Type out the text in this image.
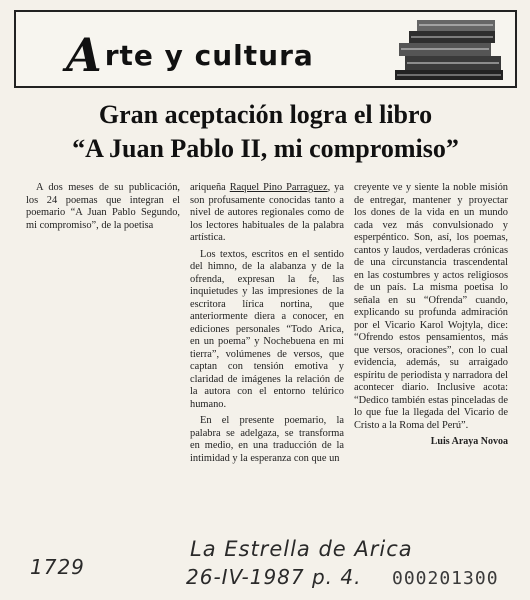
Arte y cultura
Gran aceptación logra el libro
“A Juan Pablo II, mi compromiso”

A dos meses de su publicación, los 24 poemas que integran el poemario “A Juan Pablo Segundo, mi compromiso”, de la poetisa

ariqueña Raquel Pino Parraguez, ya son profusamente conocidas tanto a nivel de autores regionales como de los lectores habituales de la palabra artística.

Los textos, escritos en el sentido del himno, de la alabanza y de la ofrenda, expresan la fe, las inquietudes y las impresiones de la escritora lírica nortina, que anteriormente diera a conocer, en ediciones personales “Todo Arica, en un poema” y Nochebuena en mi tierra”, volúmenes de versos, que captan con tensión emotiva y claridad de imágenes la relación de la autora con el entorno telúrico humano.

En el presente poemario, la palabra se adelgaza, se transforma en medio, en una traducción de la intimidad y la esperanza con que un

creyente ve y siente la noble misión de entregar, mantener y proyectar los dones de la vida en un mundo cada vez más convulsionado y esperpéntico. Son, así, los poemas, cantos y laudos, verdaderas crónicas de una circunstancia trascendental en las costumbres y actos religiosos de un país. La misma poetisa lo señala en su “Ofrenda” cuando, explicando su profunda admiración por el Vicario Karol Wojtyla, dice: “Ofrendo estos pensamientos, más que versos, oraciones”, con lo cual evidencia, además, su arraigado espíritu de periodista y narradora del acontecer diario. Inclusive acota: “Dedico también estas pinceladas de lo que fue la llegada del Vicario de Cristo a la Roma del Perú”.

Luis Araya Novoa
1729
La Estrella de Arica
26-IV-1987 p. 4. 000201300
